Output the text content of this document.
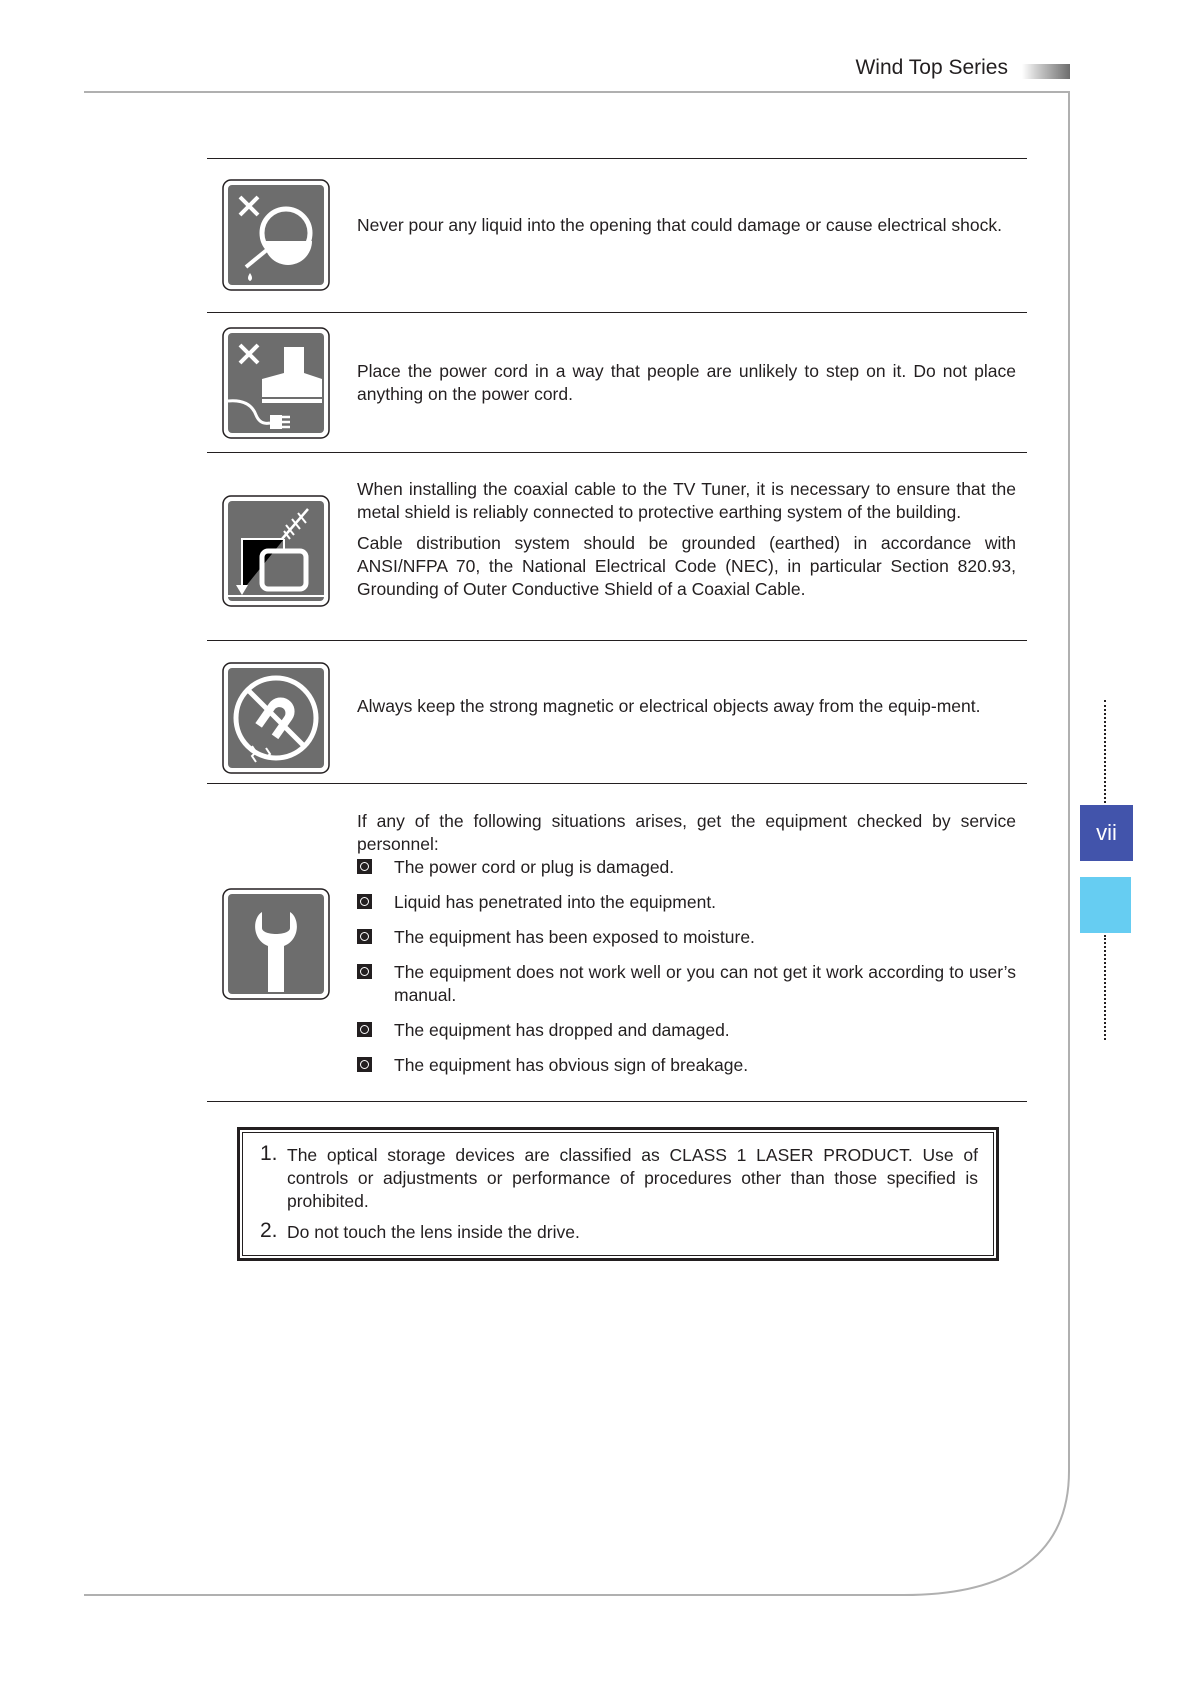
Wind Top Series

Never pour any liquid into the opening that could damage or cause electrical shock.

Place the power cord in a way that people are unlikely to step on it. Do not place anything on the power cord.

When installing the coaxial cable to the TV Tuner, it is necessary to ensure that the metal shield is reliably connected to protective earthing system of the building.

Cable distribution system should be grounded (earthed) in accordance with ANSI/NFPA 70, the National Electrical Code (NEC), in particular Section 820.93, Grounding of Outer Conductive Shield of a Coaxial Cable.

Always keep the strong magnetic or electrical objects away from the equip-ment.

If any of the following situations arises, get the equipment checked by service personnel:

The power cord or plug is damaged.
Liquid has penetrated into the equipment.
The equipment has been exposed to moisture.
The equipment does not work well or you can not get it work according to user’s manual.
The equipment has dropped and damaged.
The equipment has obvious sign of breakage.
1. The optical storage devices are classified as CLASS 1 LASER PRODUCT. Use of controls or adjustments or performance of procedures other than those specified is prohibited.
2. Do not touch the lens inside the drive.
vii
